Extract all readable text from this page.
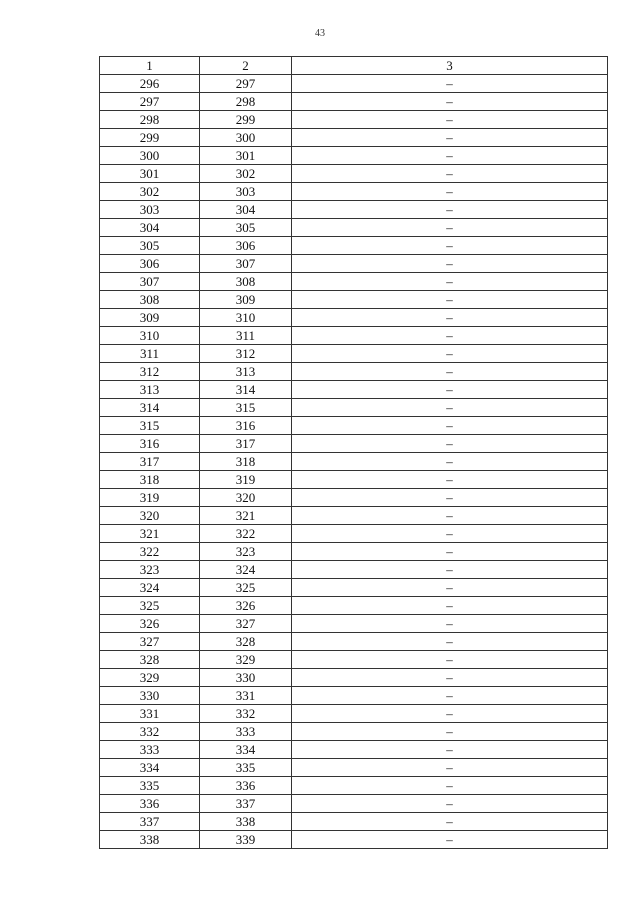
43
1	2	3
296	297	–
297	298	–
298	299	–
299	300	–
300	301	–
301	302	–
302	303	–
303	304	–
304	305	–
305	306	–
306	307	–
307	308	–
308	309	–
309	310	–
310	311	–
311	312	–
312	313	–
313	314	–
314	315	–
315	316	–
316	317	–
317	318	–
318	319	–
319	320	–
320	321	–
321	322	–
322	323	–
323	324	–
324	325	–
325	326	–
326	327	–
327	328	–
328	329	–
329	330	–
330	331	–
331	332	–
332	333	–
333	334	–
334	335	–
335	336	–
336	337	–
337	338	–
338	339	–
